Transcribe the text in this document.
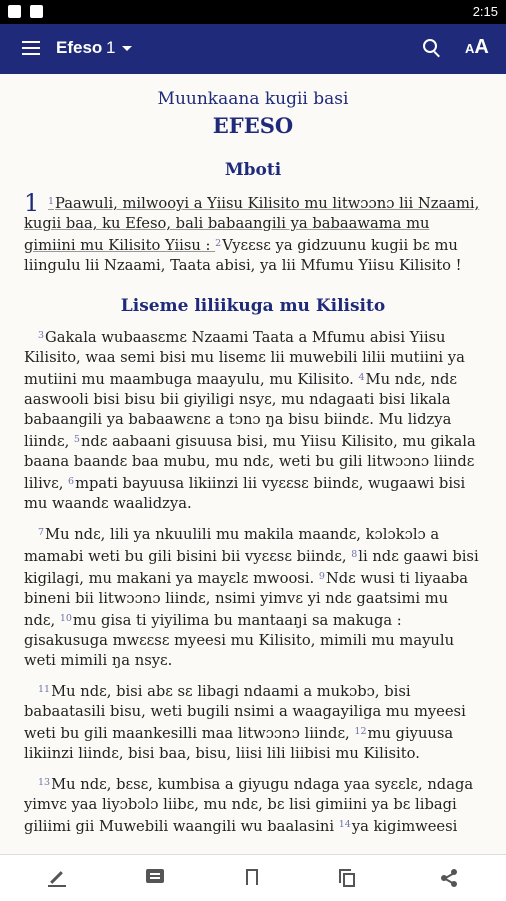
2:15
Efeso 1	AA
Muunkaana kugii basi
EFESO
Mboti

1 $^1$Paawuli, milwooyi a Yiisu Kilisito mu litwɔɔnɔ lii Nzaami, kugii baa, ku Efeso, bali babaangili ya babaawama mu gimiini mu Kilisito Yiisu : $^2$Vyɛɛsɛ ya gidzuunu kugii bɛ mu liingulu lii Nzaami, Taata abisi, ya lii Mfumu Yiisu Kilisito !

Liseme liliikuga mu Kilisito

$^3$Gakala wubaasɛmɛ Nzaami Taata a Mfumu abisi Yiisu Kilisito, waa semi bisi mu lisemɛ lii muwebili lilii mutiini ya mutiini mu maambuga maayulu, mu Kilisito. $^4$Mu ndɛ, ndɛ aaswooli bisi bisu bii giyiligi nsyɛ, mu ndagaati bisi likala babaangili ya babaawɛnɛ a tɔnɔ ŋa bisu biindɛ. Mu lidzya liindɛ, $^5$ndɛ aabaani gisuusa bisi, mu Yiisu Kilisito, mu gikala baana baandɛ baa mubu, mu ndɛ, weti bu gili litwɔɔnɔ liindɛ lilivɛ, $^6$mpati bayuusa likiinzi lii vyɛɛsɛ biindɛ, wugaawi bisi mu waandɛ waalidzya.

$^7$Mu ndɛ, lili ya nkuulili mu makila maandɛ, kɔlɔkɔlɔ a mamabi weti bu gili bisini bii vyɛɛsɛ biindɛ, $^8$li ndɛ gaawi bisi kigilagi, mu makani ya mayɛlɛ mwoosi. $^9$Ndɛ wusi ti liyaaba bineni bii litwɔɔnɔ liindɛ, nsimi yimvɛ yi ndɛ gaatsimi mu ndɛ, $^{10}$mu gisa ti yiyilima bu mantaaŋi sa makuga : gisakusuga mwɛɛsɛ myeesi mu Kilisito, mimili mu mayulu weti mimili ŋa nsyɛ.

$^{11}$Mu ndɛ, bisi abɛ sɛ libagi ndaami a mukɔbɔ, bisi babaatasili bisu, weti bugili nsimi a waagayiliga mu myeesi weti bu gili maankesilli maa litwɔɔnɔ liindɛ, $^{12}$mu giyuusa likiinzi liindɛ, bisi baa, bisu, liisi lili liibisi mu Kilisito.

$^{13}$Mu ndɛ, bɛsɛ, kumbisa a giyugu ndaga yaa syɛɛlɛ, ndaga yimvɛ yaa liyɔbɔlɔ liibɛ, mu ndɛ, bɛ lisi gimiini ya bɛ libagi giliimi gii Muwebili waangili wu baalasini $^{14}$ya kigimweesi
